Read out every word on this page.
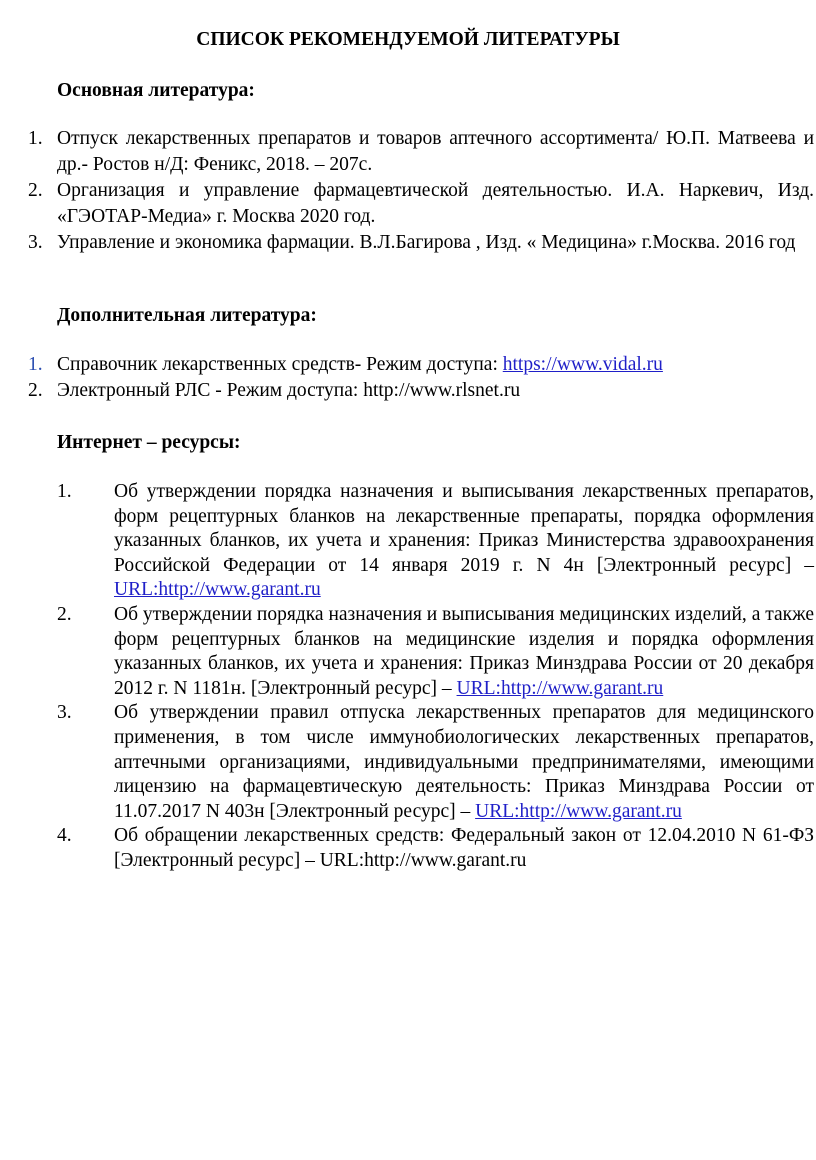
СПИСОК РЕКОМЕНДУЕМОЙ ЛИТЕРАТУРЫ
Основная литература:
1. Отпуск лекарственных препаратов и товаров аптечного ассортимента/ Ю.П. Матвеева и др.- Ростов н/Д: Феникс, 2018. – 207с.
2. Организация и управление фармацевтической деятельностью. И.А. Наркевич, Изд. «ГЭОТАР-Медиа» г. Москва 2020 год.
3. Управление и экономика фармации. В.Л.Багирова , Изд. « Медицина» г.Москва. 2016 год
Дополнительная литература:
1. Справочник лекарственных средств- Режим доступа: https://www.vidal.ru
2. Электронный РЛС - Режим доступа: http://www.rlsnet.ru
Интернет – ресурсы:
1. Об утверждении порядка назначения и выписывания лекарственных препаратов, форм рецептурных бланков на лекарственные препараты, порядка оформления указанных бланков, их учета и хранения: Приказ Министерства здравоохранения Российской Федерации от 14 января 2019 г. N 4н [Электронный ресурс] – URL:http://www.garant.ru
2. Об утверждении порядка назначения и выписывания медицинских изделий, а также форм рецептурных бланков на медицинские изделия и порядка оформления указанных бланков, их учета и хранения: Приказ Минздрава России от 20 декабря 2012 г. N 1181н. [Электронный ресурс] – URL:http://www.garant.ru
3. Об утверждении правил отпуска лекарственных препаратов для медицинского применения, в том числе иммунобиологических лекарственных препаратов, аптечными организациями, индивидуальными предпринимателями, имеющими лицензию на фармацевтическую деятельность: Приказ Минздрава России от 11.07.2017 N 403н [Электронный ресурс] – URL:http://www.garant.ru
4. Об обращении лекарственных средств: Федеральный закон от 12.04.2010 N 61-ФЗ [Электронный ресурс] – URL:http://www.garant.ru
